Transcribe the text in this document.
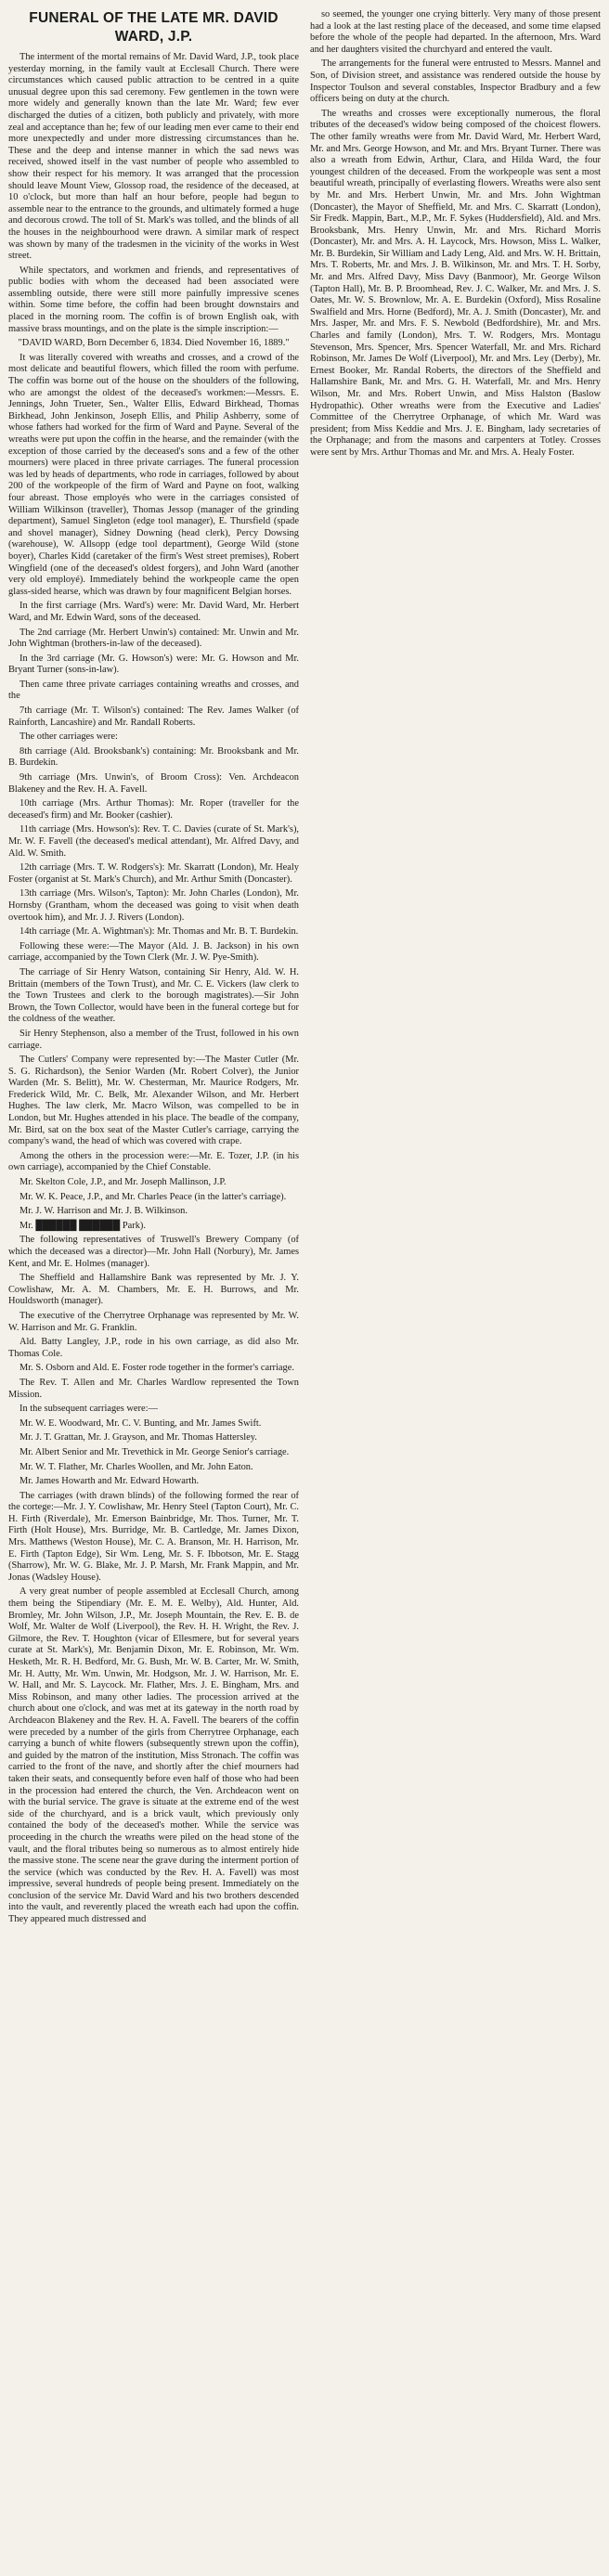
FUNERAL OF THE LATE MR. DAVID WARD, J.P.

The interment of the mortal remains of Mr. David Ward, J.P., took place yesterday morning, in the family vault at Ecclesall Church. There were circumstances which caused public attraction to be centred in a quite unusual degree upon this sad ceremony. Few gentlemen in the town were more widely and generally known than the late Mr. Ward; few ever discharged the duties of a citizen, both publicly and privately, with more zeal and acceptance than he; few of our leading men ever came to their end more unexpectedly and under more distressing circumstances than he. These and the deep and intense manner in which the sad news was received, showed itself in the vast number of people who assembled to show their respect for his memory. It was arranged that the procession should leave Mount View, Glossop road, the residence of the deceased, at 10 o'clock, but more than half an hour before, people had begun to assemble near to the entrance to the grounds, and ultimately formed a huge and decorous crowd. The toll of St. Mark's was tolled, and the blinds of all the houses in the neighbourhood were drawn. A similar mark of respect was shown by many of the tradesmen in the vicinity of the works in West street.

While spectators, and workmen and friends, and representatives of public bodies with whom the deceased had been associated were assembling outside, there were still more painfully impressive scenes within. Some time before, the coffin had been brought downstairs and placed in the morning room. The coffin is of brown English oak, with massive brass mountings, and on the plate is the simple inscription:—

"DAVID WARD, Born December 6, 1834. Died November 16, 1889."

It was literally covered with wreaths and crosses, and a crowd of the most delicate and beautiful flowers, which filled the room with perfume. The coffin was borne out of the house on the shoulders of the following, who are amongst the oldest of the deceased's workmen:—Messrs. E. Jennings, John Trueter, Sen., Walter Ellis, Edward Birkhead, Thomas Birkhead, John Jenkinson, Joseph Ellis, and Philip Ashberry, some of whose fathers had worked for the firm of Ward and Payne. Several of the wreaths were put upon the coffin in the hearse, and the remainder (with the exception of those carried by the deceased's sons and a few of the other mourners) were placed in three private carriages. The funeral procession was led by heads of departments, who rode in carriages, followed by about 200 of the workpeople of the firm of Ward and Payne on foot, walking four abreast. Those employés who were in the carriages consisted of William Wilkinson (traveller), Thomas Jessop (manager of the grinding department), Samuel Singleton (edge tool manager), E. Thursfield (spade and shovel manager), Sidney Downing (head clerk), Percy Dowsing (warehouse), W. Allsopp (edge tool department), George Wild (stone boyer), Charles Kidd (caretaker of the firm's West street premises), Robert Wingfield (one of the deceased's oldest forgers), and John Ward (another very old employé). Immediately behind the workpeople came the open glass-sided hearse, which was drawn by four magnificent Belgian horses.

In the first carriage (Mrs. Ward's) were: Mr. David Ward, Mr. Herbert Ward, and Mr. Edwin Ward, sons of the deceased.

The 2nd carriage (Mr. Herbert Unwin's) contained: Mr. Unwin and Mr. John Wightman (brothers-in-law of the deceased).

In the 3rd carriage (Mr. G. Howson's) were: Mr. G. Howson and Mr. Bryant Turner (sons-in-law).

Then came three private carriages containing wreaths and crosses, and the

7th carriage (Mr. T. Wilson's) contained: The Rev. James Walker (of Rainforth, Lancashire) and Mr. Randall Roberts.

The other carriages were:

8th carriage (Ald. Brooksbank's) containing: Mr. Brooksbank and Mr. B. Burdekin.

9th carriage (Mrs. Unwin's, of Broom Cross): Ven. Archdeacon Blakeney and the Rev. H. A. Favell.

10th carriage (Mrs. Arthur Thomas): Mr. Roper (traveller for the deceased's firm) and Mr. Booker (cashier).

11th carriage (Mrs. Howson's): Rev. T. C. Davies (curate of St. Mark's), Mr. W. F. Favell (the deceased's medical attendant), Mr. Alfred Davy, and Ald. W. Smith.

12th carriage (Mrs. T. W. Rodgers's): Mr. Skarratt (London), Mr. Healy Foster (organist at St. Mark's Church), and Mr. Arthur Smith (Doncaster).

13th carriage (Mrs. Wilson's, Tapton): Mr. John Charles (London), Mr. Hornsby (Grantham, whom the deceased was going to visit when death overtook him), and Mr. J. J. Rivers (London).

14th carriage (Mr. A. Wightman's): Mr. Thomas and Mr. B. T. Burdekin.

Following these were:—The Mayor (Ald. J. B. Jackson) in his own carriage, accompanied by the Town Clerk (Mr. J. W. Pye-Smith).

The carriage of Sir Henry Watson, containing Sir Henry, Ald. W. H. Brittain (members of the Town Trust), and Mr. C. E. Vickers (law clerk to the Town Trustees and clerk to the borough magistrates).—Sir John Brown, the Town Collector, would have been in the funeral cortege but for the coldness of the weather.

Sir Henry Stephenson, also a member of the Trust, followed in his own carriage.

The Cutlers' Company were represented by:—The Master Cutler (Mr. S. G. Richardson), the Senior Warden (Mr. Robert Colver), the Junior Warden (Mr. S. Belitt), Mr. W. Chesterman, Mr. Maurice Rodgers, Mr. Frederick Wild, Mr. C. Belk, Mr. Alexander Wilson, and Mr. Herbert Hughes. The law clerk, Mr. Macro Wilson, was compelled to be in London, but Mr. Hughes attended in his place. The beadle of the company, Mr. Bird, sat on the box seat of the Master Cutler's carriage, carrying the company's wand, the head of which was covered with crape.

Among the others in the procession were:—Mr. E. Tozer, J.P. (in his own carriage), accompanied by the Chief Constable.

Mr. Skelton Cole, J.P., and Mr. Joseph Mallinson, J.P.

Mr. W. K. Peace, J.P., and Mr. Charles Peace (in the latter's carriage).

Mr. J. W. Harrison and Mr. J. B. Wilkinson.

Mr. ██████ ██████ Park).

The following representatives of Truswell's Brewery Company (of which the deceased was a director)—Mr. John Hall (Norbury), Mr. James Kent, and Mr. E. Holmes (manager).

The Sheffield and Hallamshire Bank was represented by Mr. J. Y. Cowlishaw, Mr. A. M. Chambers, Mr. E. H. Burrows, and Mr. Houldsworth (manager).

The executive of the Cherrytree Orphanage was represented by Mr. W. W. Harrison and Mr. G. Franklin.

Ald. Batty Langley, J.P., rode in his own carriage, as did also Mr. Thomas Cole.

Mr. S. Osborn and Ald. E. Foster rode together in the former's carriage.

The Rev. T. Allen and Mr. Charles Wardlow represented the Town Mission.

In the subsequent carriages were:—

Mr. W. E. Woodward, Mr. C. V. Bunting, and Mr. James Swift.

Mr. J. T. Grattan, Mr. J. Grayson, and Mr. Thomas Hattersley.

Mr. Albert Senior and Mr. Trevethick in Mr. George Senior's carriage.

Mr. W. T. Flather, Mr. Charles Woollen, and Mr. John Eaton.

Mr. James Howarth and Mr. Edward Howarth.

The carriages (with drawn blinds) of the following formed the rear of the cortege:—Mr. J. Y. Cowlishaw, Mr. Henry Steel (Tapton Court), Mr. C. H. Firth (Riverdale), Mr. Emerson Bainbridge, Mr. Thos. Turner, Mr. T. Firth (Holt House), Mrs. Burridge, Mr. B. Cartledge, Mr. James Dixon, Mrs. Matthews (Weston House), Mr. C. A. Branson, Mr. H. Harrison, Mr. E. Firth (Tapton Edge), Sir Wm. Leng, Mr. S. F. Ibbotson, Mr. E. Stagg (Sharrow), Mr. W. G. Blake, Mr. J. P. Marsh, Mr. Frank Mappin, and Mr. Jonas (Wadsley House).

A very great number of people assembled at Ecclesall Church, among them being the Stipendiary (Mr. E. M. E. Welby), Ald. Hunter, Ald. Bromley, Mr. John Wilson, J.P., Mr. Joseph Mountain, the Rev. E. B. de Wolf, Mr. Walter de Wolf (Liverpool), the Rev. H. H. Wright, the Rev. J. Gilmore, the Rev. T. Houghton (vicar of Ellesmere, but for several years curate at St. Mark's), Mr. Benjamin Dixon, Mr. E. Robinson, Mr. Wm. Hesketh, Mr. R. H. Bedford, Mr. G. Bush, Mr. W. B. Carter, Mr. W. Smith, Mr. H. Autty, Mr. Wm. Unwin, Mr. Hodgson, Mr. J. W. Harrison, Mr. E. W. Hall, and Mr. S. Laycock. Mr. Flather, Mrs. J. E. Bingham, Mrs. and Miss Robinson, and many other ladies. The procession arrived at the church about one o'clock, and was met at its gateway in the north road by Archdeacon Blakeney and the Rev. H. A. Favell. The bearers of the coffin were preceded by a number of the girls from Cherrytree Orphanage, each carrying a bunch of white flowers (subsequently strewn upon the coffin), and guided by the matron of the institution, Miss Stronach. The coffin was carried to the front of the nave, and shortly after the chief mourners had taken their seats, and consequently before even half of those who had been in the procession had entered the church, the Ven. Archdeacon went on with the burial service. The grave is situate at the extreme end of the west side of the churchyard, and is a brick vault, which previously only contained the body of the deceased's mother. While the service was proceeding in the church the wreaths were piled on the head stone of the vault, and the floral tributes being so numerous as to almost entirely hide the massive stone. The scene near the grave during the interment portion of the service (which was conducted by the Rev. H. A. Favell) was most impressive, several hundreds of people being present. Immediately on the conclusion of the service Mr. David Ward and his two brothers descended into the vault, and reverently placed the wreath each had upon the coffin. They appeared much distressed and

so seemed, the younger one crying bitterly. Very many of those present had a look at the last resting place of the deceased, and some time elapsed before the whole of the people had departed. In the afternoon, Mrs. Ward and her daughters visited the churchyard and entered the vault.

The arrangements for the funeral were entrusted to Messrs. Mannel and Son, of Division street, and assistance was rendered outside the house by Inspector Toulson and several constables, Inspector Bradbury and a few officers being on duty at the church.

The wreaths and crosses were exceptionally numerous, the floral tributes of the deceased's widow being composed of the choicest flowers. The other family wreaths were from Mr. David Ward, Mr. Herbert Ward, Mr. and Mrs. George Howson, and Mr. and Mrs. Bryant Turner. There was also a wreath from Edwin, Arthur, Clara, and Hilda Ward, the four youngest children of the deceased. From the workpeople was sent a most beautiful wreath, principally of everlasting flowers. Wreaths were also sent by Mr. and Mrs. Herbert Unwin, Mr. and Mrs. John Wightman (Doncaster), the Mayor of Sheffield, Mr. and Mrs. C. Skarratt (London), Sir Fredk. Mappin, Bart., M.P., Mr. F. Sykes (Huddersfield), Ald. and Mrs. Brooksbank, Mrs. Henry Unwin, Mr. and Mrs. Richard Morris (Doncaster), Mr. and Mrs. A. H. Laycock, Mrs. Howson, Miss L. Walker, Mr. B. Burdekin, Sir William and Lady Leng, Ald. and Mrs. W. H. Brittain, Mrs. T. Roberts, Mr. and Mrs. J. B. Wilkinson, Mr. and Mrs. T. H. Sorby, Mr. and Mrs. Alfred Davy, Miss Davy (Banmoor), Mr. George Wilson (Tapton Hall), Mr. B. P. Broomhead, Rev. J. C. Walker, Mr. and Mrs. J. S. Oates, Mr. W. S. Brownlow, Mr. A. E. Burdekin (Oxford), Miss Rosaline Swalfield and Mrs. Horne (Bedford), Mr. A. J. Smith (Doncaster), Mr. and Mrs. Jasper, Mr. and Mrs. F. S. Newbold (Bedfordshire), Mr. and Mrs. Charles and family (London), Mrs. T. W. Rodgers, Mrs. Montagu Stevenson, Mrs. Spencer, Mrs. Spencer Waterfall, Mr. and Mrs. Richard Robinson, Mr. James De Wolf (Liverpool), Mr. and Mrs. Ley (Derby), Mr. Ernest Booker, Mr. Randal Roberts, the directors of the Sheffield and Hallamshire Bank, Mr. and Mrs. G. H. Waterfall, Mr. and Mrs. Henry Wilson, Mr. and Mrs. Robert Unwin, and Miss Halston (Baslow Hydropathic). Other wreaths were from the Executive and Ladies' Committee of the Cherrytree Orphanage, of which Mr. Ward was president; from Miss Keddie and Mrs. J. E. Bingham, lady secretaries of the Orphanage; and from the masons and carpenters at Totley. Crosses were sent by Mrs. Arthur Thomas and Mr. and Mrs. A. Healy Foster.
